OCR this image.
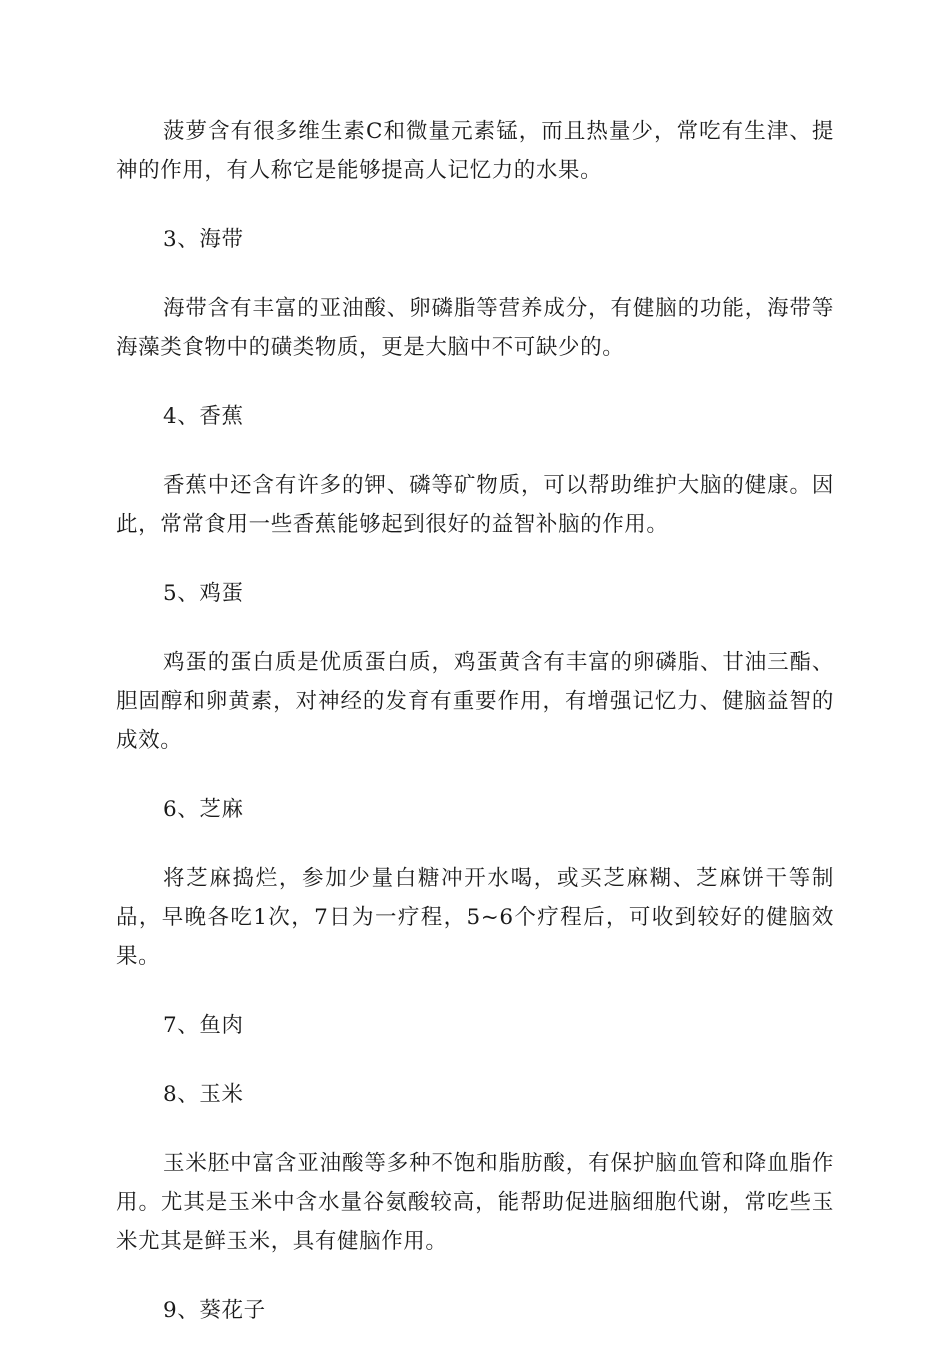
菠萝含有很多维生素C和微量元素锰，而且热量少，常吃有生津、提神的作用，有人称它是能够提高人记忆力的水果。

3、海带

海带含有丰富的亚油酸、卵磷脂等营养成分，有健脑的功能，海带等海藻类食物中的磺类物质，更是大脑中不可缺少的。

4、香蕉

香蕉中还含有许多的钾、磷等矿物质，可以帮助维护大脑的健康。因此，常常食用一些香蕉能够起到很好的益智补脑的作用。

5、鸡蛋

鸡蛋的蛋白质是优质蛋白质，鸡蛋黄含有丰富的卵磷脂、甘油三酯、胆固醇和卵黄素，对神经的发育有重要作用，有增强记忆力、健脑益智的成效。

6、芝麻

将芝麻捣烂，参加少量白糖冲开水喝，或买芝麻糊、芝麻饼干等制品，早晚各吃1次，7日为一疗程，5~6个疗程后，可收到较好的健脑效果。

7、鱼肉

8、玉米

玉米胚中富含亚油酸等多种不饱和脂肪酸，有保护脑血管和降血脂作用。尤其是玉米中含水量谷氨酸较高，能帮助促进脑细胞代谢，常吃些玉米尤其是鲜玉米，具有健脑作用。

9、葵花子
